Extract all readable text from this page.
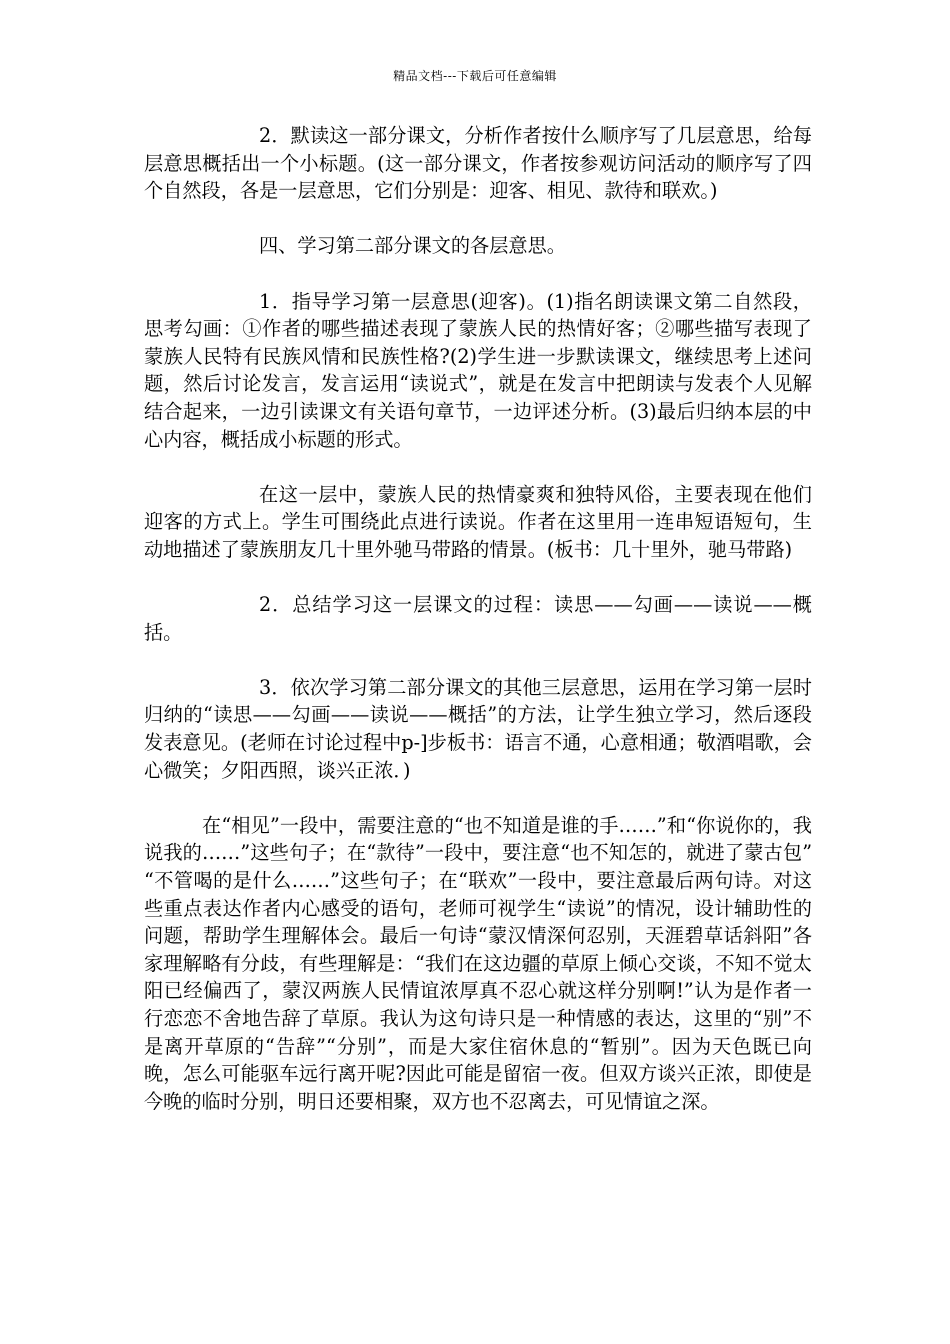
精品文档---下载后可任意编辑

2．默读这一部分课文，分析作者按什么顺序写了几层意思，给每层意思概括出一个小标题。(这一部分课文，作者按参观访问活动的顺序写了四个自然段，各是一层意思，它们分别是：迎客、相见、款待和联欢。)

四、学习第二部分课文的各层意思。

1．指导学习第一层意思(迎客)。(1)指名朗读课文第二自然段，思考勾画：①作者的哪些描述表现了蒙族人民的热情好客；②哪些描写表现了蒙族人民特有民族风情和民族性格?(2)学生进一步默读课文，继续思考上述问题，然后讨论发言，发言运用“读说式”，就是在发言中把朗读与发表个人见解结合起来，一边引读课文有关语句章节，一边评述分析。(3)最后归纳本层的中心内容，概括成小标题的形式。

在这一层中，蒙族人民的热情豪爽和独特风俗，主要表现在他们迎客的方式上。学生可围绕此点进行读说。作者在这里用一连串短语短句，生动地描述了蒙族朋友几十里外驰马带路的情景。(板书：几十里外，驰马带路)

2．总结学习这一层课文的过程：读思——勾画——读说——概括。

3．依次学习第二部分课文的其他三层意思，运用在学习第一层时归纳的“读思——勾画——读说——概括”的方法，让学生独立学习，然后逐段发表意见。(老师在讨论过程中p-]步板书：语言不通，心意相通；敬酒唱歌，会心微笑；夕阳西照，谈兴正浓．)

在“相见”一段中，需要注意的“也不知道是谁的手……”和“你说你的，我说我的……”这些句子；在“款待”一段中，要注意“也不知怎的，就进了蒙古包” “不管喝的是什么……”这些句子；在“联欢”一段中，要注意最后两句诗。对这些重点表达作者内心感受的语句，老师可视学生“读说”的情况，设计辅助性的问题，帮助学生理解体会。最后一句诗“蒙汉情深何忍别，天涯碧草话斜阳”各家理解略有分歧，有些理解是：“我们在这边疆的草原上倾心交谈，不知不觉太阳已经偏西了，蒙汉两族人民情谊浓厚真不忍心就这样分别啊!”认为是作者一行恋恋不舍地告辞了草原。我认为这句诗只是一种情感的表达，这里的“别”不是离开草原的“告辞”“分别”，而是大家住宿休息的“暂别”。因为天色既已向晚，怎么可能驱车远行离开呢?因此可能是留宿一夜。但双方谈兴正浓，即使是今晚的临时分别，明日还要相聚，双方也不忍离去，可见情谊之深。
